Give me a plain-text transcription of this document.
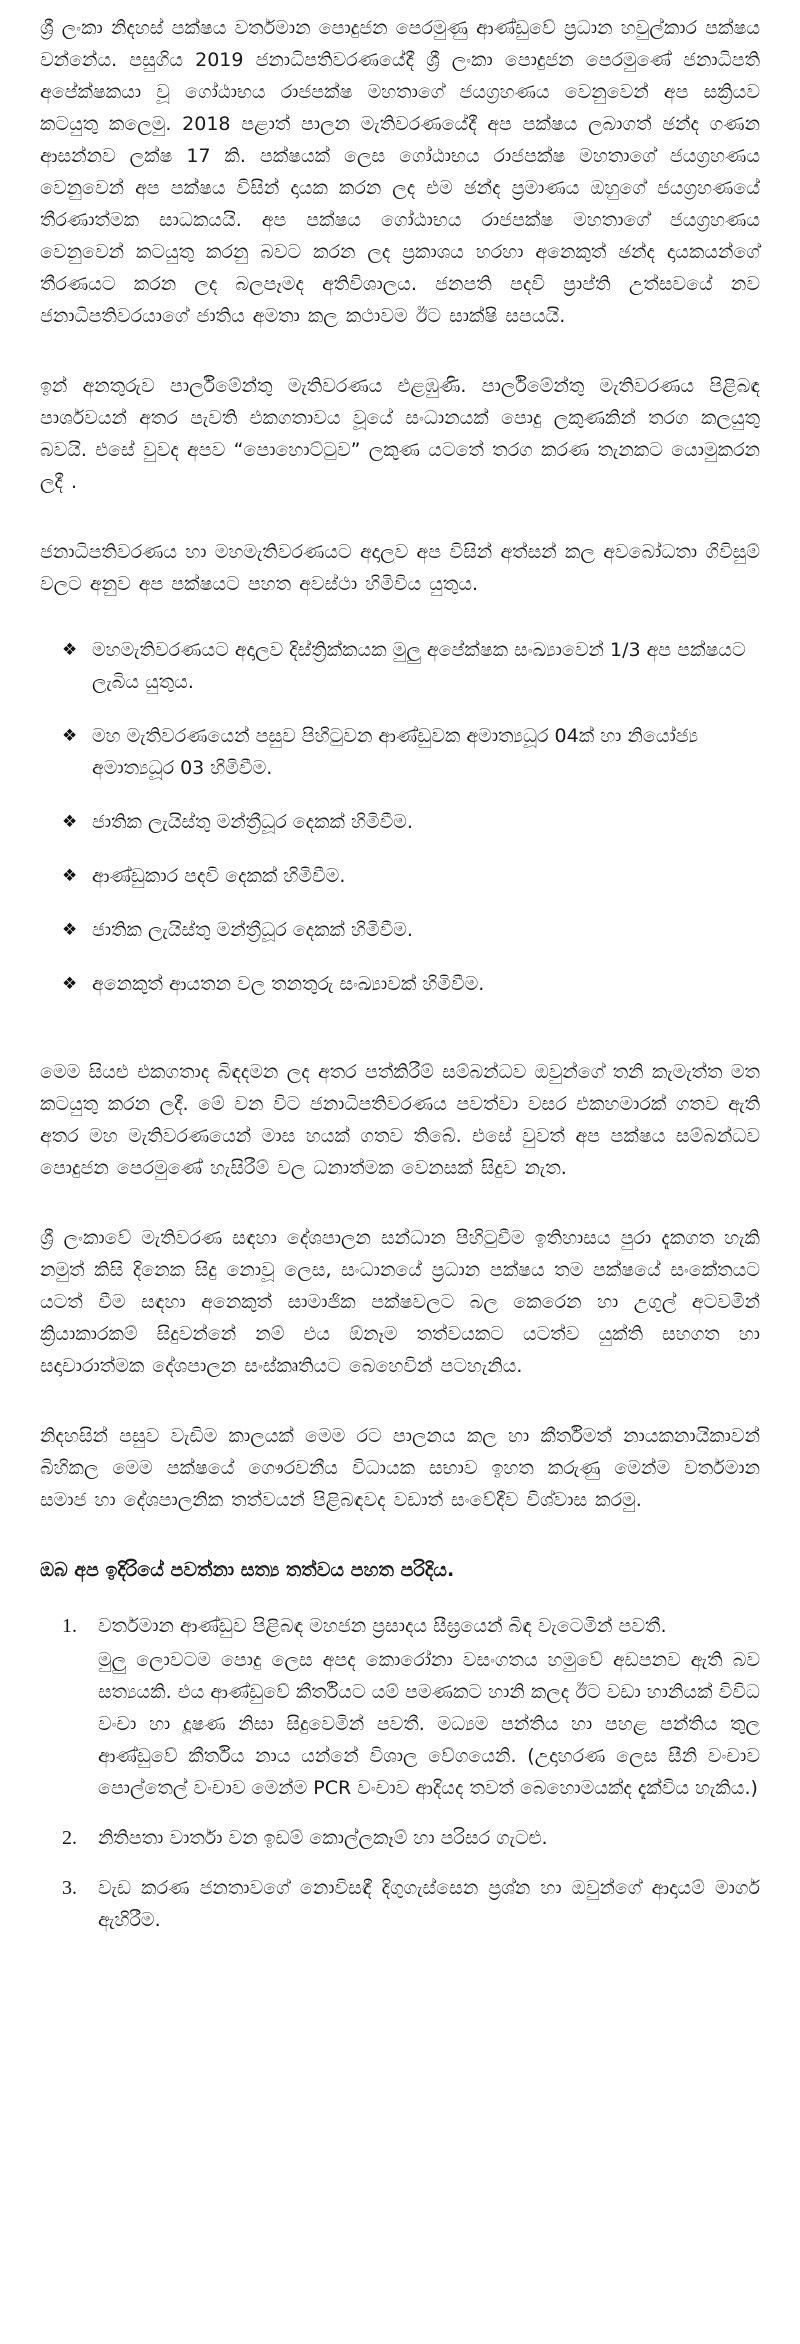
ශ්‍රී ලංකා නිදහස් පක්ෂය වර්තමාන පොදුජන පෙරමුණු ආණ්ඩුවේ ප්‍රධාන හවුල්කාර පක්ෂය වන්නේය. පසුගිය 2019 ජනාධිපතිවරණයේදී ශ්‍රී ලංකා පොදුජන පෙරමුණේ ජනාධිපති අපේක්ෂකයා වූ ගෝඨාභය රාජපක්ෂ මහතාගේ ජයග්‍රහණය වෙනුවෙන් අප සක්‍රියව කටයුතු කලෙමු. 2018 පළාත් පාලන මැතිවරණයේදී අප පක්ෂය ලබාගත් ඡන්ද ගණන ආසන්නව ලක්ෂ 17 කි. පක්ෂයක් ලෙස ගෝඨාභය රාජපක්ෂ මහතාගේ ජයග්‍රහණය වෙනුවෙන් අප පක්ෂය විසින් දායක කරන ලද එම ඡන්ද ප්‍රමාණය ඔහුගේ ජයග්‍රහණයේ තීරණාත්මක සාධකයයි. අප පක්ෂය ගෝඨාභය රාජපක්ෂ මහතාගේ ජයග්‍රහණය වෙනුවෙන් කටයුතු කරනු බවට කරන ලද ප්‍රකාශය හරහා අනෙකුත් ඡන්ද දායකයන්ගේ තීරණයට කරන ලද බලපෑමද අතිවිශාලය. ජනපති පදවි ප්‍රාප්ති උත්සවයේ නව ජනාධිපතිවරයාගේ ජාතිය අමතා කල කථාවම ඊට සාක්ෂි සපයයි.

ඉන් අනතුරුව පාර්ලිමේන්තු මැතිවරණය එළඹුණි. පාර්ලිමේන්තු මැතිවරණය පිළිබඳ පාර්ශවයන් අතර පැවති එකගතාවය වූයේ සංධානයක් පොදු ලකුණකින් තරග කලයුතු බවයි. එසේ වුවද අපව “පොහොට්ටුව” ලකුණ යටතේ තරග කරණ තැනකට යොමුකරන ලදී .

ජනාධිපතිවරණය හා මහමැතිවරණයට අදාලව අප විසින් අත්සන් කල අවබෝධතා ගිවිසුම් වලට අනුව අප පක්ෂයට පහත අවස්ථා හිමිවිය යුතුය.

❖ මහමැතිවරණයට අදාලව දිස්ත්‍රික්කයක මුලු අපේක්ෂක සංඛ්‍යාවෙන් 1/3 අප පක්ෂයට ලැබිය යුතුය.
❖ මහ මැතිවරණයෙන් පසුව පිහිටුවන ආණ්ඩුවක අමාත්‍යධූර 04ක් හා නියෝජ්‍ය අමාත්‍යධූර 03 හිමිවීම.
❖ ජාතික ලැයිස්තු මන්ත්‍රීධූර දෙකක් හිමිවීම.
❖ ආණ්ඩුකාර පදවි දෙකක් හිමිවීම.
❖ ජාතික ලැයිස්තු මන්ත්‍රීධූර දෙකක් හිමිවීම.
❖ අනෙකුත් ආයතන වල තනතුරු සංඛ්‍යාවක් හිමිවීම.

මෙම සියළු එකගතාද බිඳදමන ලද අතර පත්කිරීම් සම්බන්ධව ඔවුන්ගේ තනි කැමැත්ත මත කටයුතු කරන ලදී. මේ වන විට ජනාධිපතිවරණය පවත්වා වසර එකහමාරක් ගතව ඇති අතර මහ මැතිවරණයෙන් මාස හයක් ගතව තිබේ. එසේ වුවත් අප පක්ෂය සම්බන්ධව පොදුජන පෙරමුණේ හැසිරීම් වල ධනාත්මක වෙනසක් සිදුව නැත.

ශ්‍රී ලංකාවේ මැතිවරණ සඳහා දේශපාලන සන්ධාන පිහිටුවීම ඉතිහාසය පුරා දැකගත හැකි නමුත් කිසි දිනෙක සිදු නොවූ ලෙස, සංධානයේ ප්‍රධාන පක්ෂය තම පක්ෂයේ සංකේතයට යටත් වීම සඳහා අනෙකුත් සාමාජික පක්ෂවලට බල කෙරෙන හා උගුල් අටවමින් ක්‍රියාකාරකම් සිදුවන්නේ නම් එය ඕනෑම තත්වයකට යටත්ව යුක්ති සහගත හා සදාචාරාත්මක දේශපාලන සංස්කෘතියට බෙහෙවින් පටහැනිය.

නිදහසින් පසුව වැඩිම කාලයක් මෙම රට පාලනය කල හා කීර්තිමත් නායකනායිකාවන් බිහිකල මෙම පක්ෂයේ ගෞරවනීය විධායක සභාව ඉහත කරුණු මෙන්ම වර්තමාන සමාජ හා දේශපාලනික තත්වයන් පිළිබඳවද වඩාත් සංවේදීව විශ්වාස කරමු.

ඔබ අප ඉදිරියේ පවත්නා සත්‍ය තත්වය පහත පරිදිය.

1. වර්තමාන ආණ්ඩුව පිළිබඳ මහජන ප්‍රසාදය සීඝ්‍රයෙන් බිඳ වැටෙමින් පවතී.
මුලු ලොවටම පොදු ලෙස අපද කොරෝනා වසංගතය හමුවේ අඩපනව ඇති බව සත්‍යයකි. එය ආණ්ඩුවේ කීර්තියට යම් පමණකට හානි කලද ඊට වඩා හානියක් විවිධ වංචා හා දූෂණ නිසා සිදුවෙමින් පවතී. මධ්‍යම පන්තිය හා පහළ පන්තිය තුල ආණ්ඩුවේ කීර්තිය නාය යන්නේ විශාල වේගයෙනි. (උදාහරණ ලෙස සීනි වංචාව පොල්තෙල් වංචාව මෙන්ම PCR වංචාව ආදියද තවත් බෙහොමයක්ද දැක්විය හැකිය.)
2. නිතිපතා වාර්තා වන ඉඩම් කොල්ලකෑම් හා පරිසර ගැටළු.
3. වැඩ කරණ ජනතාවගේ නොවිසඳී දිගුගැස්සෙන ප්‍රශ්න හා ඔවුන්ගේ ආදායම් මාර්ග ඇහිරීම.
